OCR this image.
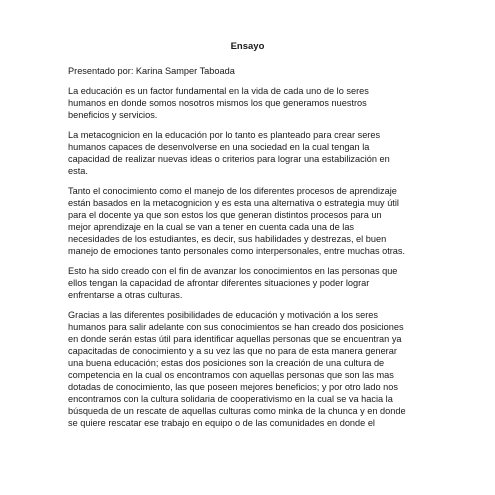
Ensayo
Presentado por: Karina Samper Taboada
La educación es un factor fundamental en la vida de cada uno de lo seres
humanos en donde somos nosotros mismos los que generamos nuestros
beneficios y servicios.
La metacognicion en la educación por lo tanto es planteado para crear seres
humanos capaces de desenvolverse en una sociedad en la cual tengan la
capacidad de realizar nuevas ideas o criterios para lograr una estabilización en
esta.
Tanto el conocimiento como el manejo de los diferentes procesos de aprendizaje
están basados en la metacognicion y es esta una alternativa o estrategia muy útil
para el docente ya que son estos los que generan distintos procesos para un
mejor aprendizaje en la cual se van a tener en cuenta cada una de las
necesidades de los estudiantes, es decir, sus habilidades y destrezas, el buen
manejo de emociones tanto personales como interpersonales, entre muchas otras.
Esto ha sido creado con el fin de avanzar los conocimientos en las personas que
ellos tengan la capacidad de afrontar diferentes situaciones y poder lograr
enfrentarse a otras culturas.
Gracias a las diferentes posibilidades de educación y motivación a los seres
humanos para salir adelante con sus conocimientos se han creado dos posiciones
en donde serán estas útil para identificar aquellas personas que se encuentran ya
capacitadas de conocimiento y a su vez las que no para de esta manera generar
una buena educación; estas dos posiciones son la creación de una cultura de
competencia en la cual os encontramos con aquellas personas que son las mas
dotadas de conocimiento, las que poseen mejores beneficios; y por otro lado nos
encontramos con la cultura solidaria de cooperativismo en la cual se va hacia la
búsqueda de un rescate de aquellas culturas como minka de la chunca y en donde
se quiere rescatar ese trabajo en equipo o de las comunidades en donde el
